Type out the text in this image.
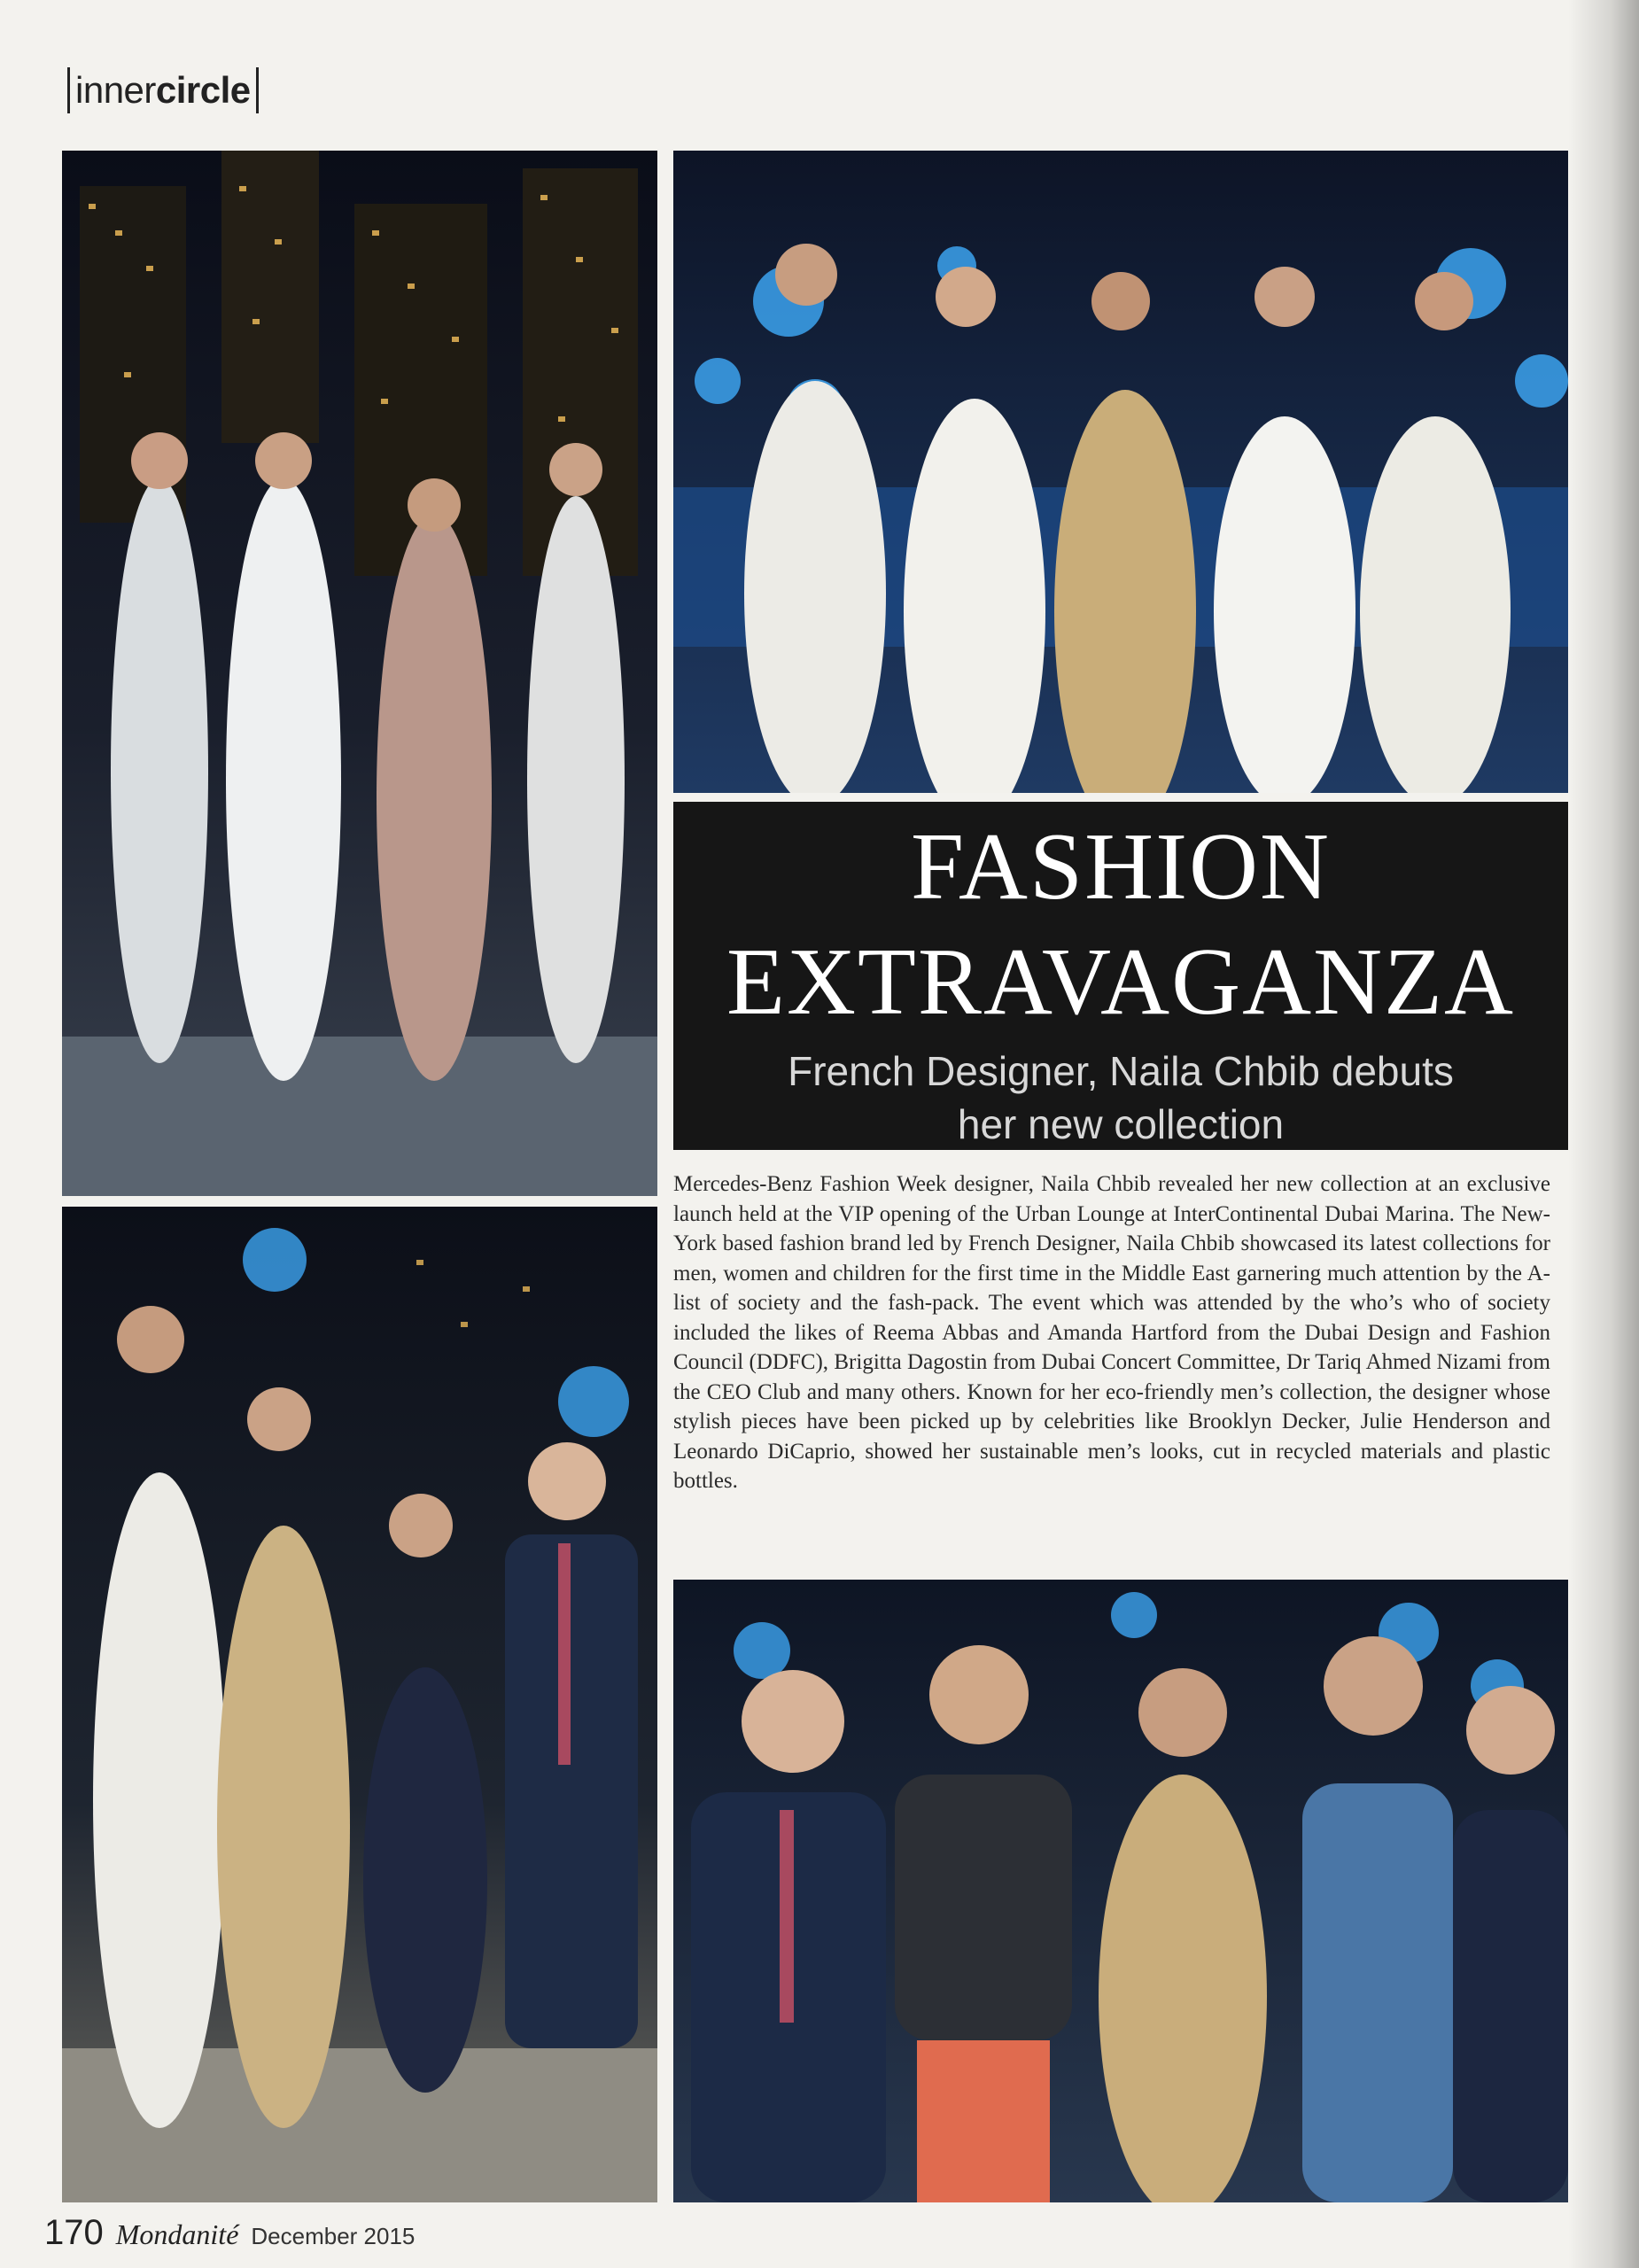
inner circle
FASHION
EXTRAVAGANZA
French Designer, Naila Chbib debuts
her new collection
Mercedes-Benz Fashion Week designer, Naila Chbib revealed her new collection at an exclusive launch held at the VIP opening of the Urban Lounge at InterContinental Dubai Marina. The New-York based fashion brand led by French Designer, Naila Chbib showcased its latest collections for men, women and children for the first time in the Middle East garnering much attention by the A-list of society and the fash-pack. The event which was attended by the who’s who of society included the likes of Reema Abbas and Amanda Hartford from the Dubai Design and Fashion Council (DDFC), Brigitta Dagostin from Dubai Concert Committee, Dr Tariq Ahmed Nizami from the CEO Club and many others. Known for her eco-friendly men’s collection, the designer whose stylish pieces have been picked up by celebrities like Brooklyn Decker, Julie Henderson and Leonardo DiCaprio, showed her sustainable men’s looks, cut in recycled materials and plastic bottles.
170 Mondanité December 2015
